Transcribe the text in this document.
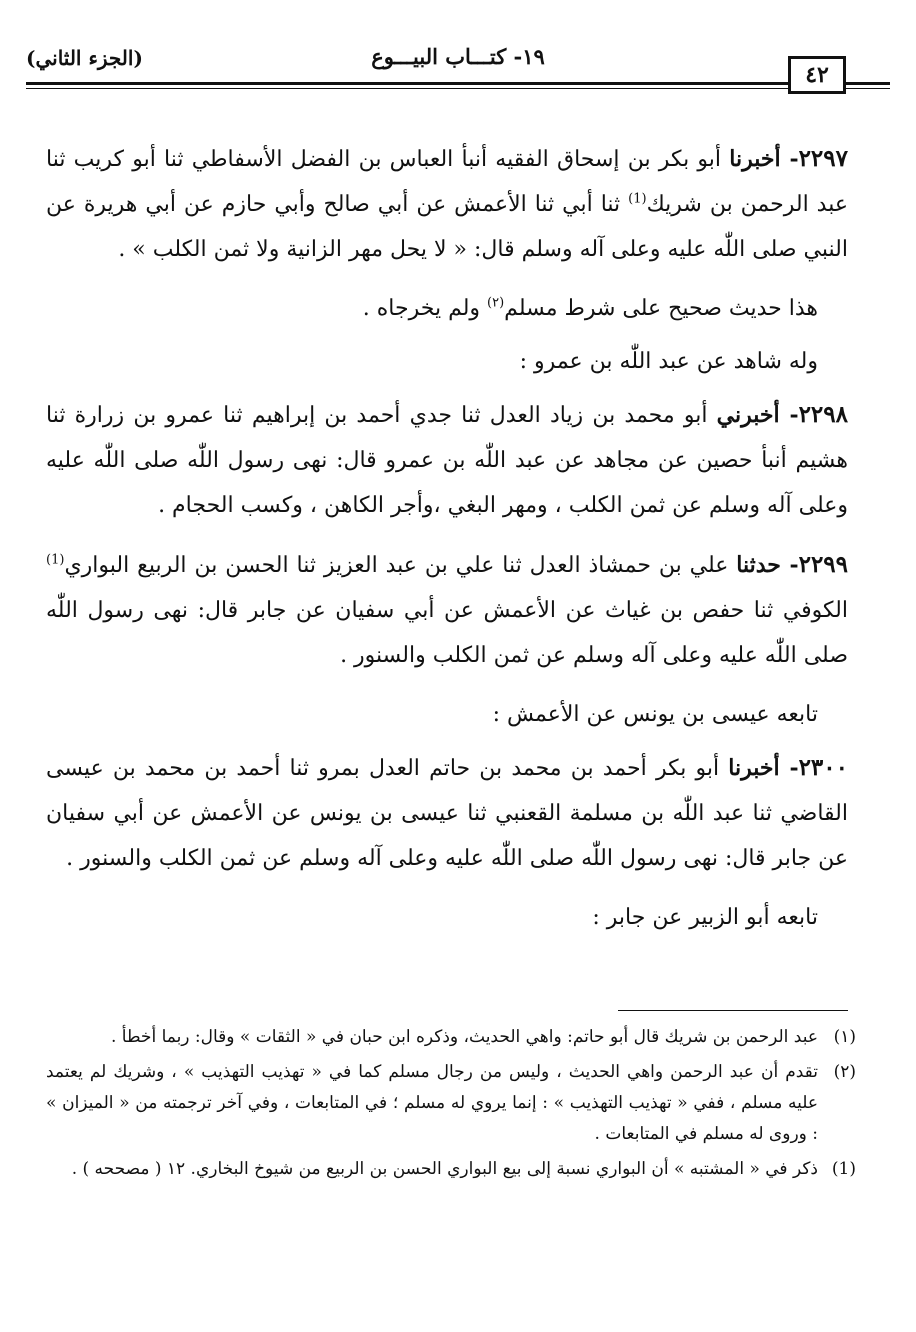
٤٢
١٩- كتـــاب البيـــوع
(الجزء الثاني)

٢٢٩٧- أخبرنا أبو بكر بن إسحاق الفقيه أنبأ العباس بن الفضل الأسفاطي ثنا أبو كريب ثنا عبد الرحمن بن شريك$^{(1)}$ ثنا أبي ثنا الأعمش عن أبي صالح وأبي حازم عن أبي هريرة عن النبي صلى اللّٰه عليه وعلى آله وسلم قال: « لا يحل مهر الزانية ولا ثمن الكلب » .

هذا حديث صحيح على شرط مسلم$^{(٢)}$ ولم يخرجاه .

وله شاهد عن عبد اللّٰه بن عمرو :

٢٢٩٨- أخبرني أبو محمد بن زياد العدل ثنا جدي أحمد بن إبراهيم ثنا عمرو بن زرارة ثنا هشيم أنبأ حصين عن مجاهد عن عبد اللّٰه بن عمرو قال: نهى رسول اللّٰه صلى اللّٰه عليه وعلى آله وسلم عن ثمن الكلب ، ومهر البغي ،وأجر الكاهن ، وكسب الحجام .

٢٢٩٩- حدثنا علي بن حمشاذ العدل ثنا علي بن عبد العزيز ثنا الحسن بن الربيع البواري$^{(1)}$ الكوفي ثنا حفص بن غياث عن الأعمش عن أبي سفيان عن جابر قال: نهى رسول اللّٰه صلى اللّٰه عليه وعلى آله وسلم عن ثمن الكلب والسنور .

تابعه عيسى بن يونس عن الأعمش :

٢٣٠٠- أخبرنا أبو بكر أحمد بن محمد بن حاتم العدل بمرو ثنا أحمد بن محمد بن عيسى القاضي ثنا عبد اللّٰه بن مسلمة القعنبي ثنا عيسى بن يونس عن الأعمش عن أبي سفيان عن جابر قال: نهى رسول اللّٰه صلى اللّٰه عليه وعلى آله وسلم عن ثمن الكلب والسنور .

تابعه أبو الزبير عن جابر :

(١)
عبد الرحمن بن شريك قال أبو حاتم: واهي الحديث، وذكره ابن حبان في « الثقات » وقال: ربما أخطأ .
(٢)
تقدم أن عبد الرحمن واهي الحديث ، وليس من رجال مسلم كما في « تهذيب التهذيب » ، وشريك لم يعتمد عليه مسلم ، ففي « تهذيب التهذيب » : إنما يروي له مسلم ؛ في المتابعات ، وفي آخر ترجمته من « الميزان » : وروى له مسلم في المتابعات .
(1)
ذكر في « المشتبه » أن البواري نسبة إلى بيع البواري الحسن بن الربيع من شيوخ البخاري. ١٢ ( مصححه ) .
